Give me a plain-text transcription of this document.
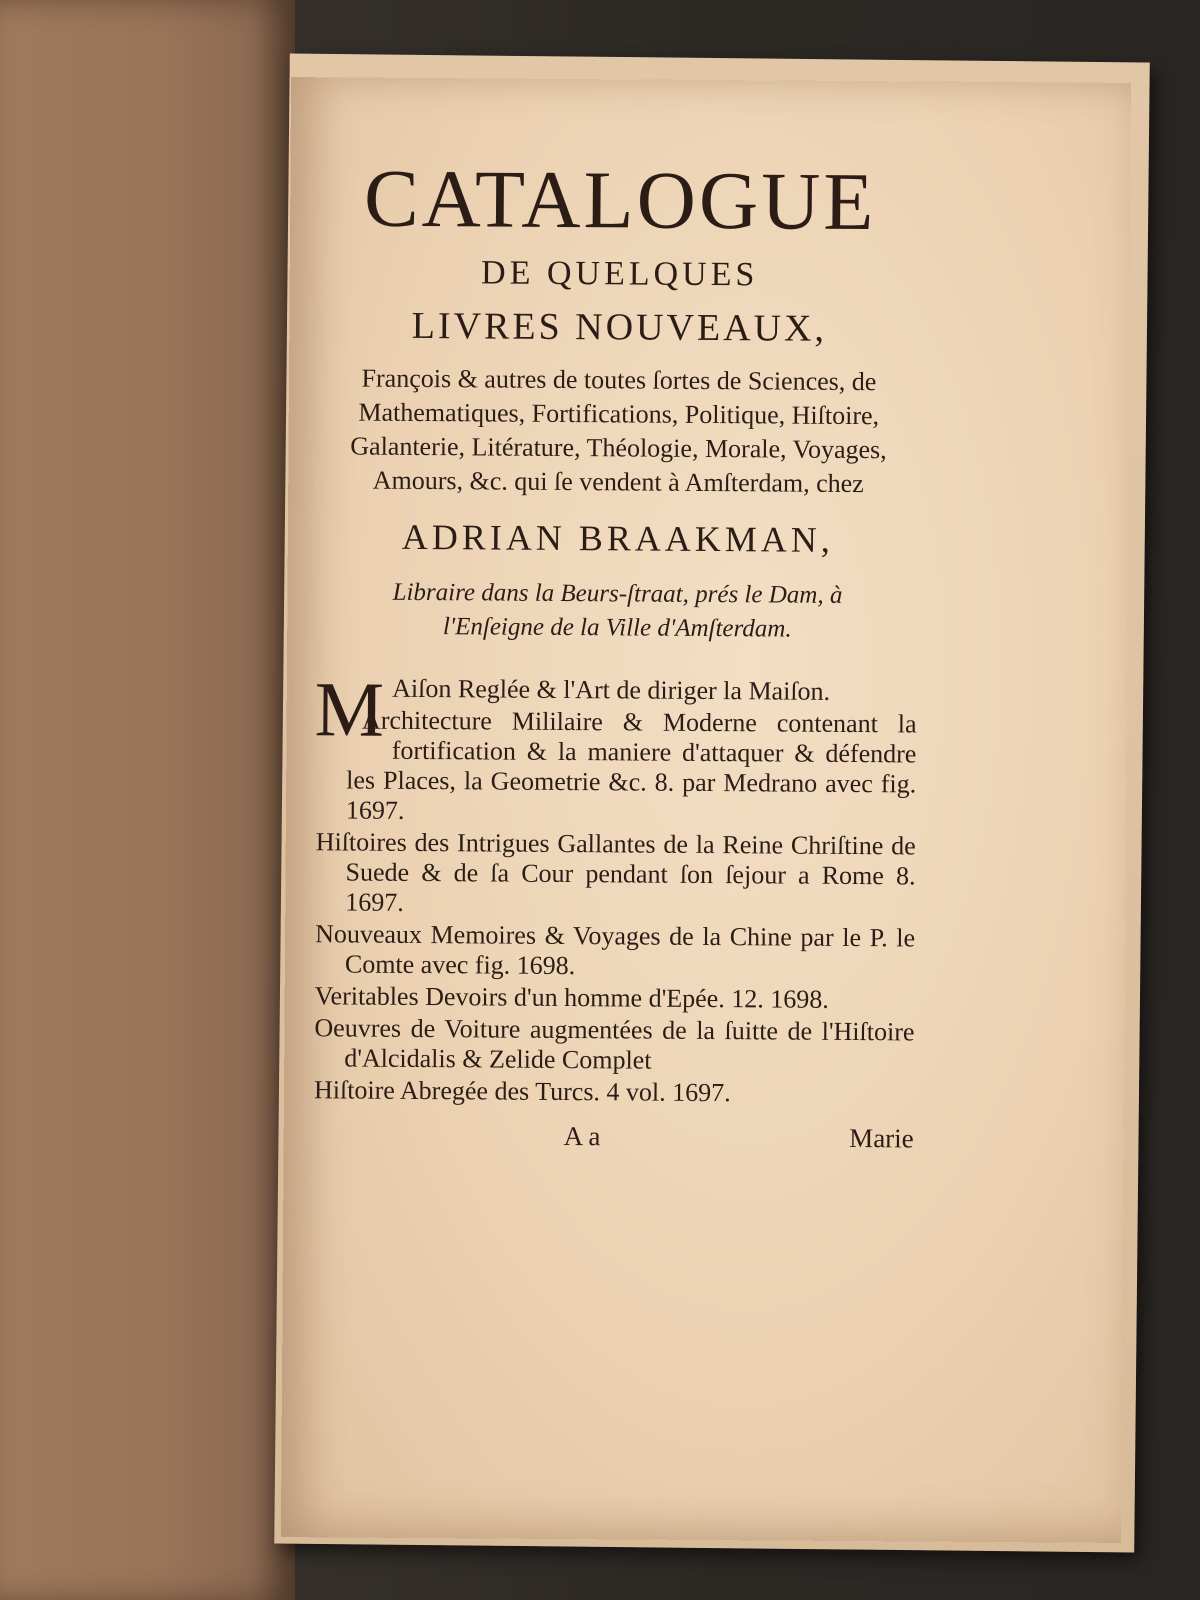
CATALOGUE
DE QUELQUES
LIVRES NOUVEAUX,
François & autres de toutes ſortes de Sciences, de Mathematiques, Fortifications, Politique, Hiſtoire, Galanterie, Litérature, Théologie, Morale, Voyages, Amours, &c. qui ſe vendent à Amſterdam, chez
ADRIAN BRAAKMAN,
Libraire dans la Beurs-ſtraat, prés le Dam, à
l'Enſeigne de la Ville d'Amſterdam.
M Aiſon Reglée & l'Art de diriger la Maiſon.
Architecture Mililaire & Moderne contenant la fortification & la maniere d'attaquer & défendre les Places, la Geometrie &c. 8. par Medrano avec fig. 1697.
Hiſtoires des Intrigues Gallantes de la Reine Chriſtine de Suede & de ſa Cour pendant ſon ſejour a Rome 8. 1697.
Nouveaux Memoires & Voyages de la Chine par le P. le Comte avec fig. 1698.
Veritables Devoirs d'un homme d'Epée. 12. 1698.
Oeuvres de Voiture augmentées de la ſuitte de l'Hiſtoire d'Alcidalis & Zelide Complet
Hiſtoire Abregée des Turcs. 4 vol. 1697.
A a	Marie
